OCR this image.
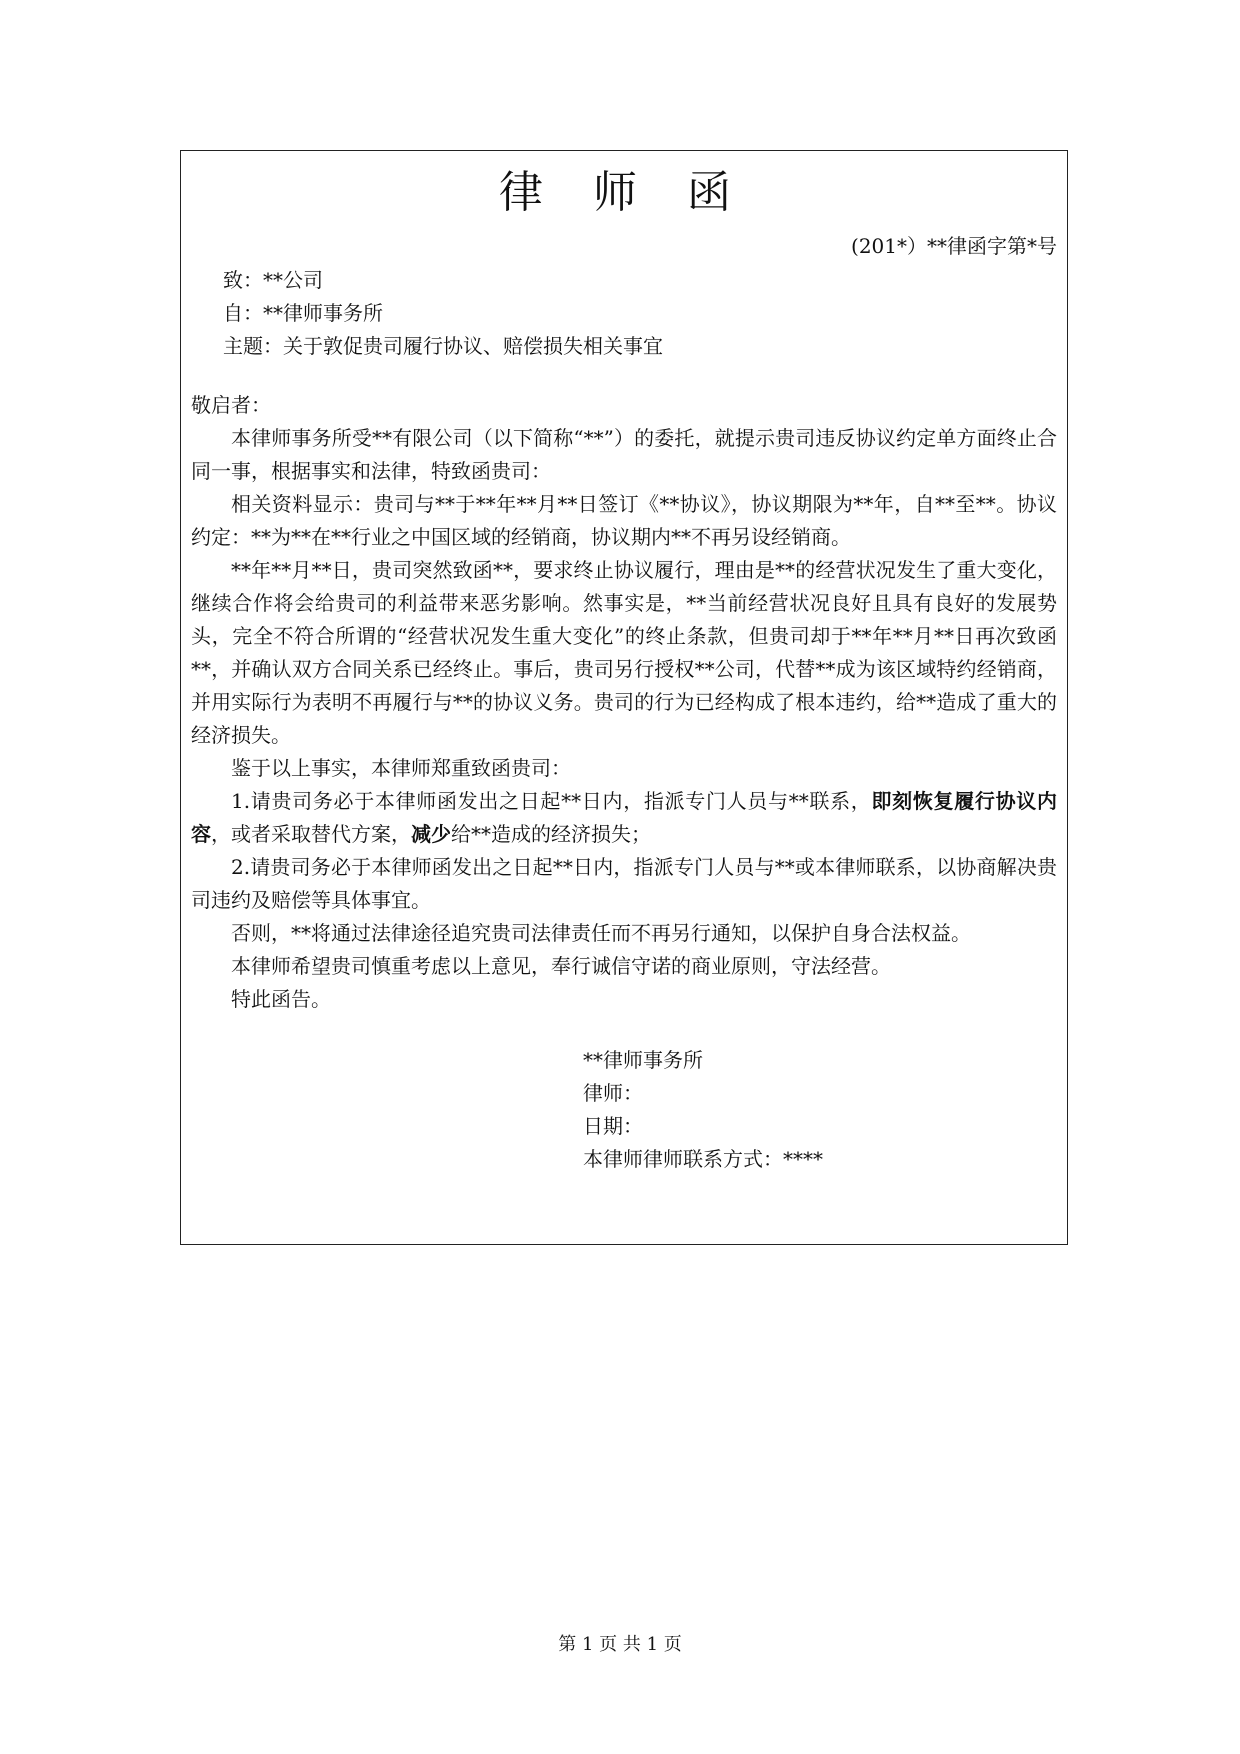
律 师 函
(201*）**律函字第*号
致：**公司
自：**律师事务所
主题：关于敦促贵司履行协议、赔偿损失相关事宜

敬启者：

本律师事务所受**有限公司（以下简称“**”）的委托，就提示贵司违反协议约定单方面终止合同一事，根据事实和法律，特致函贵司：

相关资料显示：贵司与**于**年**月**日签订《**协议》，协议期限为**年，自**至**。协议约定：**为**在**行业之中国区域的经销商，协议期内**不再另设经销商。

**年**月**日，贵司突然致函**，要求终止协议履行，理由是**的经营状况发生了重大变化，继续合作将会给贵司的利益带来恶劣影响。然事实是，**当前经营状况良好且具有良好的发展势头，完全不符合所谓的“经营状况发生重大变化”的终止条款，但贵司却于**年**月**日再次致函**，并确认双方合同关系已经终止。事后，贵司另行授权**公司，代替**成为该区域特约经销商，并用实际行为表明不再履行与**的协议义务。贵司的行为已经构成了根本违约，给**造成了重大的经济损失。

鉴于以上事实，本律师郑重致函贵司：

1.请贵司务必于本律师函发出之日起**日内，指派专门人员与**联系，即刻恢复履行协议内容，或者采取替代方案，减少给**造成的经济损失；

2.请贵司务必于本律师函发出之日起**日内，指派专门人员与**或本律师联系，以协商解决贵司违约及赔偿等具体事宜。

否则，**将通过法律途径追究贵司法律责任而不再另行通知，以保护自身合法权益。

本律师希望贵司慎重考虑以上意见，奉行诚信守诺的商业原则，守法经营。

特此函告。

**律师事务所
律师：
日期：
本律师律师联系方式：****
第 1 页 共 1 页
